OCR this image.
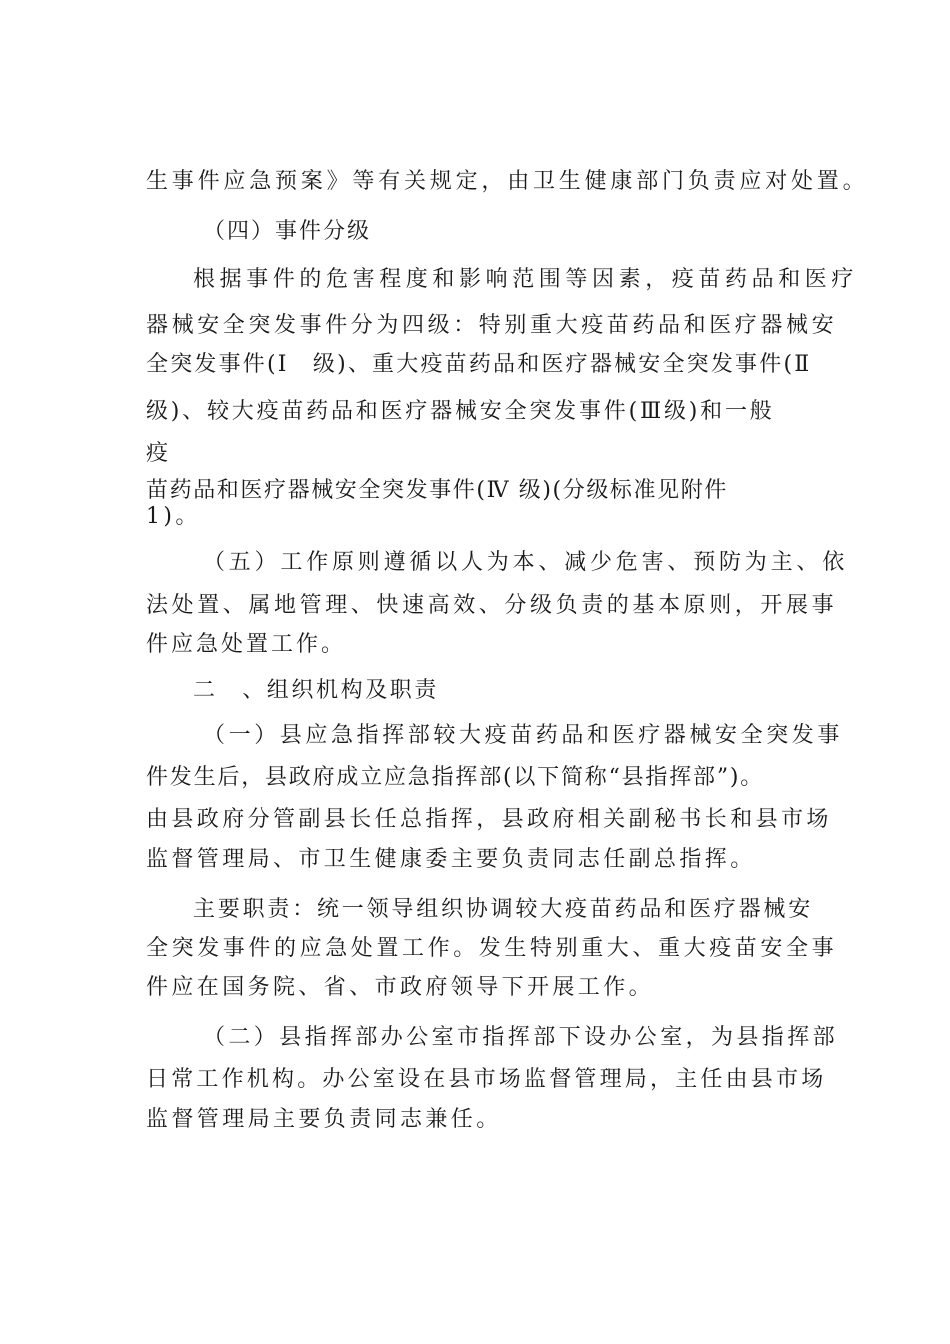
生事件应急预案》等有关规定，由卫生健康部门负责应对处置。

（四）事件分级

根据事件的危害程度和影响范围等因素，疫苗药品和医疗

器械安全突发事件分为四级：特别重大疫苗药品和医疗器械安

全突发事件(I　级)、重大疫苗药品和医疗器械安全突发事件(Ⅱ

级)、较大疫苗药品和医疗器械安全突发事件(Ⅲ级)和一般

疫

苗药品和医疗器械安全突发事件(Ⅳ 级)(分级标准见附件

1)。

（五）工作原则遵循以人为本、减少危害、预防为主、依

法处置、属地管理、快速高效、分级负责的基本原则，开展事

件应急处置工作。

二　、组织机构及职责

（一）县应急指挥部较大疫苗药品和医疗器械安全突发事

件发生后，县政府成立应急指挥部(以下简称“县指挥部”)。

由县政府分管副县长任总指挥，县政府相关副秘书长和县市场

监督管理局、市卫生健康委主要负责同志任副总指挥。

主要职责：统一领导组织协调较大疫苗药品和医疗器械安

全突发事件的应急处置工作。发生特别重大、重大疫苗安全事

件应在国务院、省、市政府领导下开展工作。

（二）县指挥部办公室市指挥部下设办公室，为县指挥部

日常工作机构。办公室设在县市场监督管理局，主任由县市场

监督管理局主要负责同志兼任。
